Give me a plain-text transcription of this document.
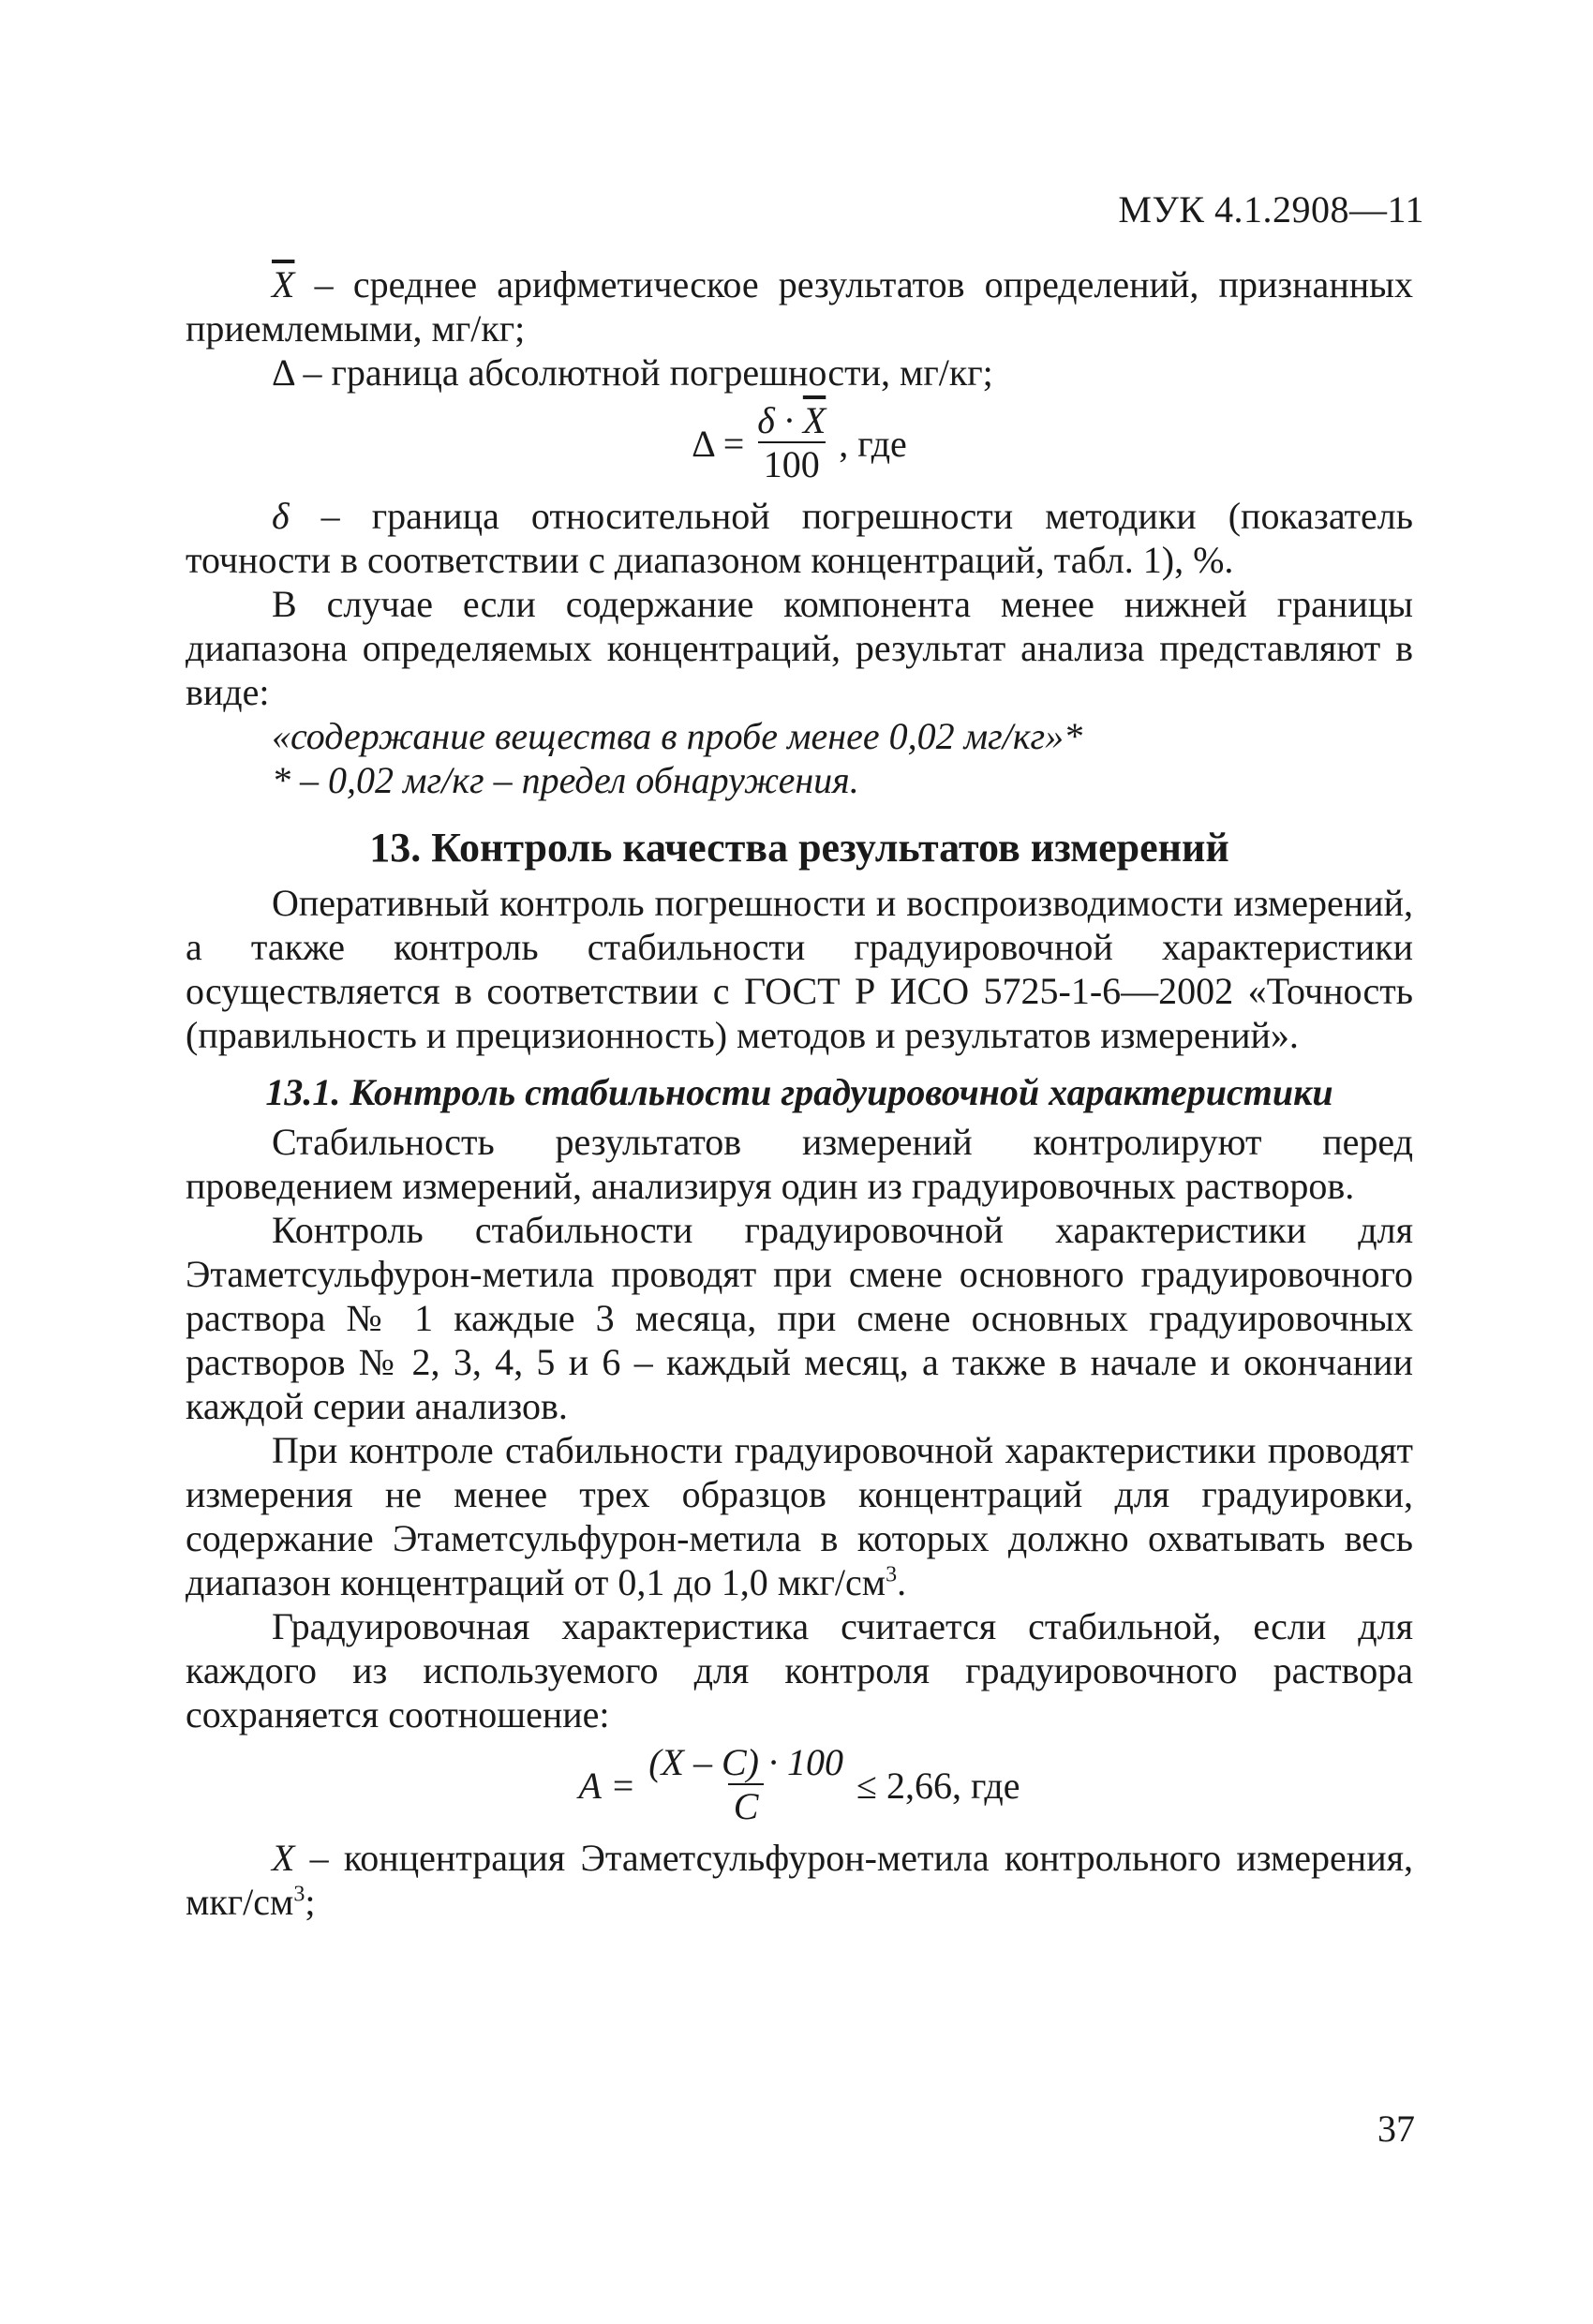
МУК 4.1.2908—11

$\overline{X}$ – среднее арифметическое результатов определений, признанных приемлемыми, мг/кг;

Δ – граница абсолютной погрешности, мг/кг;

$\Delta = \frac{\delta \cdot \overline{X}}{100}$ , где

δ – граница относительной погрешности методики (показатель точности в соответствии с диапазоном концентраций, табл. 1), %.

В случае если содержание компонента менее нижней границы диапазона определяемых концентраций, результат анализа представляют в виде:

«содержание вещества в пробе менее 0,02 мг/кг»*

* – 0,02 мг/кг – предел обнаружения.

13. Контроль качества результатов измерений

Оперативный контроль погрешности и воспроизводимости измерений, а также контроль стабильности градуировочной характеристики осуществляется в соответствии с ГОСТ Р ИСО 5725-1-6—2002 «Точность (правильность и прецизионность) методов и результатов измерений».

13.1. Контроль стабильности градуировочной характеристики

Стабильность результатов измерений контролируют перед проведением измерений, анализируя один из градуировочных растворов.

Контроль стабильности градуировочной характеристики для Этаметсульфурон-метила проводят при смене основного градуировочного раствора № 1 каждые 3 месяца, при смене основных градуировочных растворов № 2, 3, 4, 5 и 6 – каждый месяц, а также в начале и окончании каждой серии анализов.

При контроле стабильности градуировочной характеристики проводят измерения не менее трех образцов концентраций для градуировки, содержание Этаметсульфурон-метила в которых должно охватывать весь диапазон концентраций от 0,1 до 1,0 мкг/$см^3$.

Градуировочная характеристика считается стабильной, если для каждого из используемого для контроля градуировочного раствора сохраняется соотношение:

$A = \frac{(X - C) \cdot 100}{C} \le 2,66$ , где

X – концентрация Этаметсульфурон-метила контрольного измерения, мкг/$см^3$;

37
